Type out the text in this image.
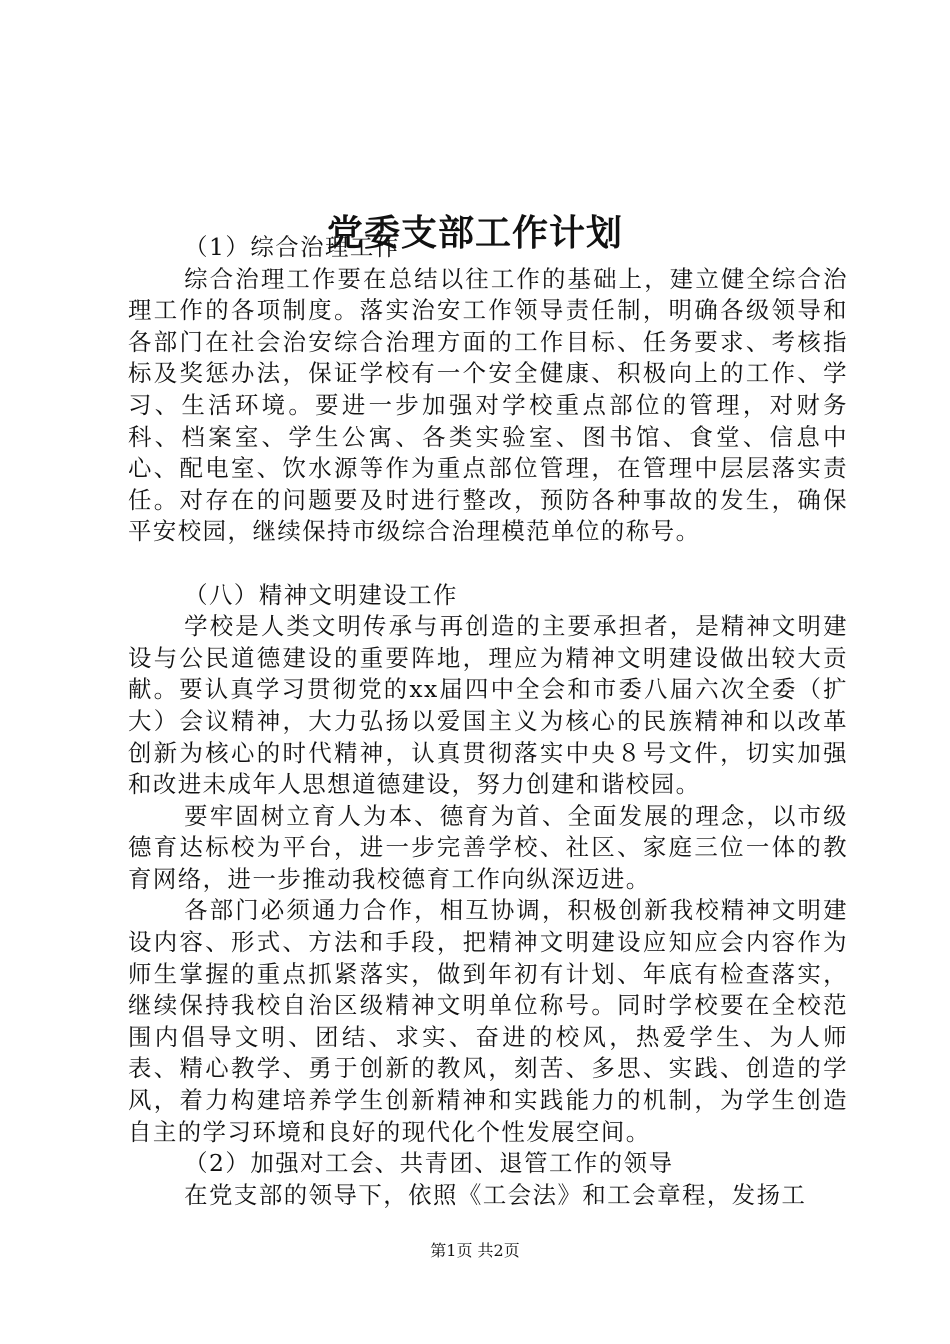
党委支部工作计划

（1）综合治理工作

综合治理工作要在总结以往工作的基础上，建立健全综合治理工作的各项制度。落实治安工作领导责任制，明确各级领导和各部门在社会治安综合治理方面的工作目标、任务要求、考核指标及奖惩办法，保证学校有一个安全健康、积极向上的工作、学习、生活环境。要进一步加强对学校重点部位的管理，对财务科、档案室、学生公寓、各类实验室、图书馆、食堂、信息中心、配电室、饮水源等作为重点部位管理，在管理中层层落实责任。对存在的问题要及时进行整改，预防各种事故的发生，确保平安校园，继续保持市级综合治理模范单位的称号。

（八）精神文明建设工作

学校是人类文明传承与再创造的主要承担者，是精神文明建设与公民道德建设的重要阵地，理应为精神文明建设做出较大贡献。要认真学习贯彻党的xx届四中全会和市委八届六次全委（扩大）会议精神，大力弘扬以爱国主义为核心的民族精神和以改革创新为核心的时代精神，认真贯彻落实中央８号文件，切实加强和改进未成年人思想道德建设，努力创建和谐校园。

要牢固树立育人为本、德育为首、全面发展的理念，以市级德育达标校为平台，进一步完善学校、社区、家庭三位一体的教育网络，进一步推动我校德育工作向纵深迈进。

各部门必须通力合作，相互协调，积极创新我校精神文明建设内容、形式、方法和手段，把精神文明建设应知应会内容作为师生掌握的重点抓紧落实，做到年初有计划、年底有检查落实，继续保持我校自治区级精神文明单位称号。同时学校要在全校范围内倡导文明、团结、求实、奋进的校风，热爱学生、为人师表、精心教学、勇于创新的教风，刻苦、多思、实践、创造的学风，着力构建培养学生创新精神和实践能力的机制，为学生创造自主的学习环境和良好的现代化个性发展空间。

（2）加强对工会、共青团、退管工作的领导

在党支部的领导下，依照《工会法》和工会章程，发扬工

第1页 共2页
